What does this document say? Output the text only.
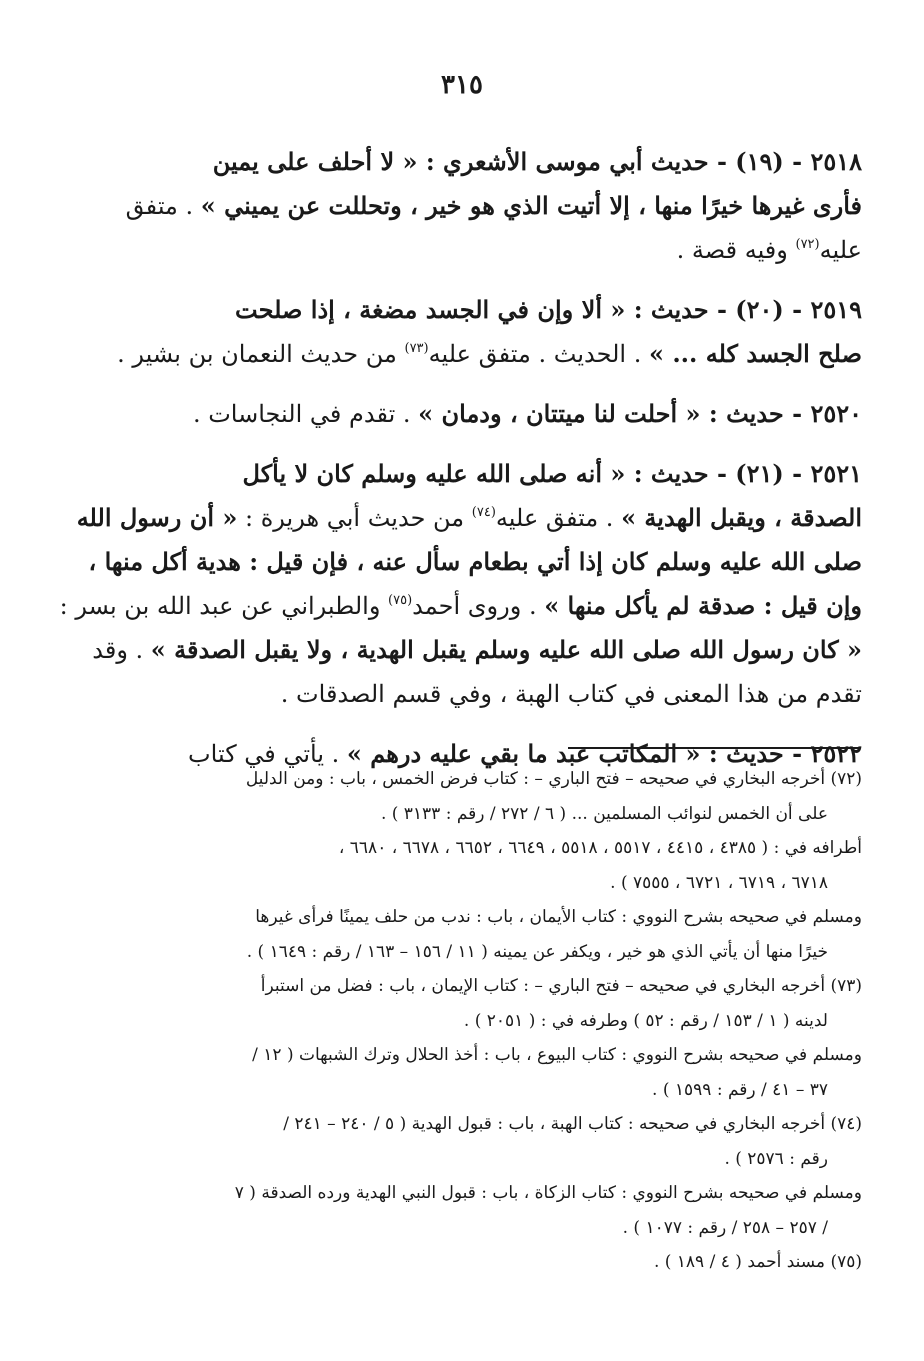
٣١٥
٢٥١٨ - (١٩) - حديث أبي موسى الأشعري : « لا أحلف على يمين
فأرى غيرها خيرًا منها ، إلا أتيت الذي هو خير ، وتحللت عن يميني » . متفق
عليه$^{(٧٢)}$ وفيه قصة .
٢٥١٩ - (٢٠) - حديث : « ألا وإن في الجسد مضغة ، إذا صلحت
صلح الجسد كله ... » . الحديث . متفق عليه$^{(٧٣)}$ من حديث النعمان بن بشير .
٢٥٢٠ - حديث : « أحلت لنا ميتتان ، ودمان » . تقدم في النجاسات .
٢٥٢١ - (٢١) - حديث : « أنه صلى الله عليه وسلم كان لا يأكل
الصدقة ، ويقبل الهدية » . متفق عليه$^{(٧٤)}$ من حديث أبي هريرة : « أن رسول الله
صلى الله عليه وسلم كان إذا أتي بطعام سأل عنه ، فإن قيل : هدية أكل منها ،
وإن قيل : صدقة لم يأكل منها » . وروى أحمد$^{(٧٥)}$ والطبراني عن عبد الله بن بسر :
« كان رسول الله صلى الله عليه وسلم يقبل الهدية ، ولا يقبل الصدقة » . وقد
تقدم من هذا المعنى في كتاب الهبة ، وفي قسم الصدقات .
٢٥٢٢ - حديث : « المكاتب عبد ما بقي عليه درهم » . يأتي في كتاب
(٧٢) أخرجه البخاري في صحيحه – فتح الباري – : كتاب فرض الخمس ، باب : ومن الدليل
على أن الخمس لنوائب المسلمين ... ( ٦ / ٢٧٢ / رقم : ٣١٣٣ ) .
أطرافه في : ( ٤٣٨٥ ، ٤٤١٥ ، ٥٥١٧ ، ٥٥١٨ ، ٦٦٤٩ ، ٦٦٥٢ ، ٦٦٧٨ ، ٦٦٨٠ ،
٦٧١٨ ، ٦٧١٩ ، ٦٧٢١ ، ٧٥٥٥ ) .
ومسلم في صحيحه بشرح النووي : كتاب الأيمان ، باب : ندب من حلف يمينًا فرأى غيرها
خيرًا منها أن يأتي الذي هو خير ، ويكفر عن يمينه ( ١١ / ١٥٦ – ١٦٣ / رقم : ١٦٤٩ ) .
(٧٣) أخرجه البخاري في صحيحه – فتح الباري – : كتاب الإيمان ، باب : فضل من استبرأ
لدينه ( ١ / ١٥٣ / رقم : ٥٢ ) وطرفه في : ( ٢٠٥١ ) .
ومسلم في صحيحه بشرح النووي : كتاب البيوع ، باب : أخذ الحلال وترك الشبهات ( ١٢ /
٣٧ – ٤١ / رقم : ١٥٩٩ ) .
(٧٤) أخرجه البخاري في صحيحه : كتاب الهبة ، باب : قبول الهدية ( ٥ / ٢٤٠ – ٢٤١ /
رقم : ٢٥٧٦ ) .
ومسلم في صحيحه بشرح النووي : كتاب الزكاة ، باب : قبول النبي الهدية ورده الصدقة ( ٧
/ ٢٥٧ – ٢٥٨ / رقم : ١٠٧٧ ) .
(٧٥) مسند أحمد ( ٤ / ١٨٩ ) .
